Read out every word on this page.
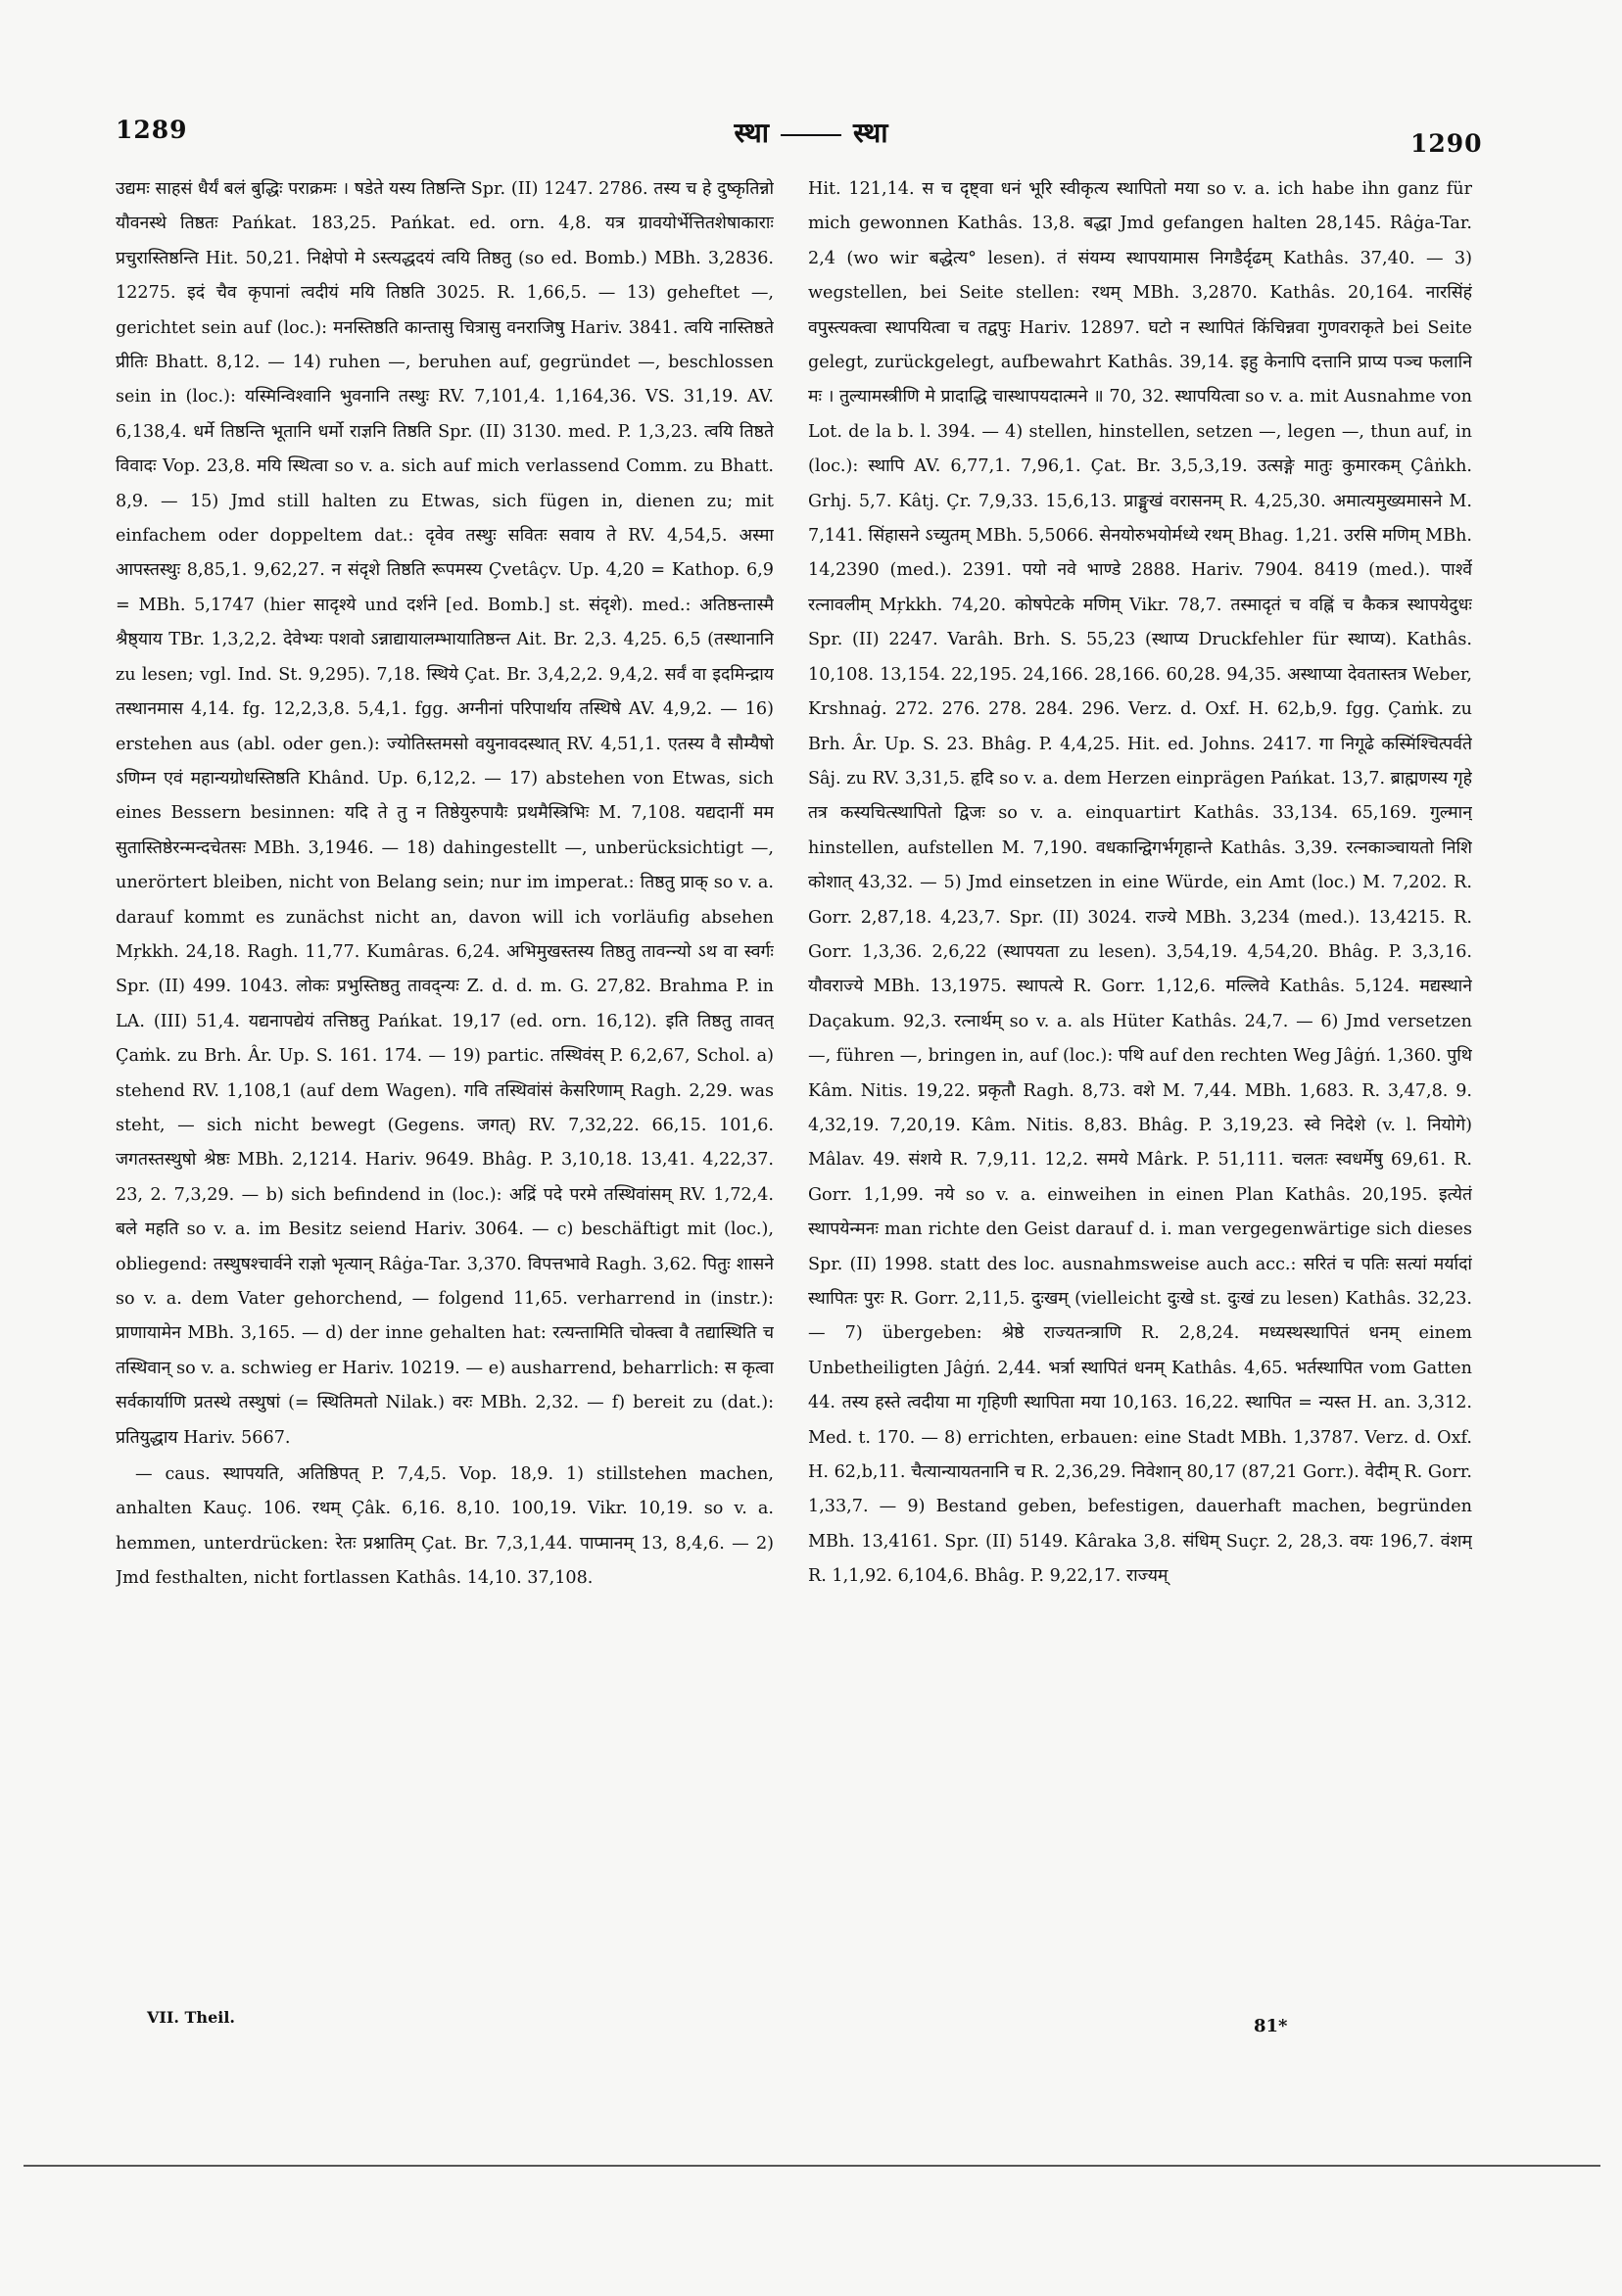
1289	स्था	स्था	1290

उद्यमः साहसं धैर्यं बलं बुद्धिः पराक्रमः । षडेते यस्य तिष्ठन्ति Spr. (II) 1247. 2786. तस्य च हे दुष्कृतिन्नो यौवनस्थे तिष्ठतः Pańkat. 183,25. Pańkat. ed. orn. 4,8. यत्र ग्रावयोर्भेत्तितशेषाकाराः प्रचुरास्तिष्ठन्ति Hit. 50,21. निक्षेपो मे ऽस्त्यद्धदयं त्वयि तिष्ठतु (so ed. Bomb.) MBh. 3,2836. 12275. इदं चैव कृपानां त्वदीयं मयि तिष्ठति 3025. R. 1,66,5. — 13) geheftet —, gerichtet sein auf (loc.): मनस्तिष्ठति कान्तासु चित्रासु वनराजिषु Hariv. 3841. त्वयि नास्तिष्ठते प्रीतिः Bhatt. 8,12. — 14) ruhen —, beruhen auf, gegründet —, beschlossen sein in (loc.): यस्मिन्विश्वानि भुवनानि तस्थुः RV. 7,101,4. 1,164,36. VS. 31,19. AV. 6,138,4. धर्मे तिष्ठन्ति भूतानि धर्मो राज्ञनि तिष्ठति Spr. (II) 3130. med. P. 1,3,23. त्वयि तिष्ठते विवादः Vop. 23,8. मयि स्थित्वा so v. a. sich auf mich verlassend Comm. zu Bhatt. 8,9. — 15) Jmd still halten zu Etwas, sich fügen in, dienen zu; mit einfachem oder doppeltem dat.: दृवेव तस्थुः सवितः सवाय ते RV. 4,54,5. अस्मा आपस्तस्थुः 8,85,1. 9,62,27. न संदृशे तिष्ठति रूपमस्य Çvetâçv. Up. 4,20 = Kathop. 6,9 = MBh. 5,1747 (hier सादृश्ये und दर्शने [ed. Bomb.] st. संदृशे). med.: अतिष्ठन्तास्मै श्रैष्ठ्याय TBr. 1,3,2,2. देवेभ्यः पशवो ऽन्नाद्यायालम्भायातिष्ठन्त Ait. Br. 2,3. 4,25. 6,5 (तस्थानानि zu lesen; vgl. Ind. St. 9,295). 7,18. स्थिये Çat. Br. 3,4,2,2. 9,4,2. सर्वं वा इदमिन्द्राय तस्थानमास 4,14. fg. 12,2,3,8. 5,4,1. fgg. अग्नीनां परिपार्थाय तस्थिषे AV. 4,9,2. — 16) erstehen aus (abl. oder gen.): ज्योतिस्तमसो वयुनावदस्थात् RV. 4,51,1. एतस्य वै सौम्यैषो ऽणिम्न एवं महान्यग्रोधस्तिष्ठति Khând. Up. 6,12,2. — 17) abstehen von Etwas, sich eines Bessern besinnen: यदि ते तु न तिष्ठेयुरुपायैः प्रथमैस्त्रिभिः M. 7,108. यद्यदानीं मम सुतास्तिष्ठेरन्मन्दचेतसः MBh. 3,1946. — 18) dahingestellt —, unberücksichtigt —, unerörtert bleiben, nicht von Belang sein; nur im imperat.: तिष्ठतु प्राक् so v. a. darauf kommt es zunächst nicht an, davon will ich vorläufig absehen Mŗkkh. 24,18. Ragh. 11,77. Kumâras. 6,24. अभिमुखस्तस्य तिष्ठतु तावन्न्यो ऽथ वा स्वर्गः Spr. (II) 499. 1043. लोकः प्रभुस्तिष्ठतु तावद्न्यः Z. d. d. m. G. 27,82. Brahma P. in LA. (III) 51,4. यद्यनापद्येयं तत्तिष्ठतु Pańkat. 19,17 (ed. orn. 16,12). इति तिष्ठतु तावत् Çaṁk. zu Brh. Âr. Up. S. 161. 174. — 19) partic. तस्थिवंस् P. 6,2,67, Schol. a) stehend RV. 1,108,1 (auf dem Wagen). गवि तस्थिवांसं केसरिणाम् Ragh. 2,29. was steht, — sich nicht bewegt (Gegens. जगत्) RV. 7,32,22. 66,15. 101,6. जगतस्तस्थुषो श्रेष्ठः MBh. 2,1214. Hariv. 9649. Bhâg. P. 3,10,18. 13,41. 4,22,37. 23, 2. 7,3,29. — b) sich befindend in (loc.): अद्रिं पदे परमे तस्थिवांसम् RV. 1,72,4. बले महति so v. a. im Besitz seiend Hariv. 3064. — c) beschäftigt mit (loc.), obliegend: तस्थुषश्चार्वने राज्ञो भृत्यान् Râġa-Tar. 3,370. विपत्तभावे Ragh. 3,62. पितुः शासने so v. a. dem Vater gehorchend, — folgend 11,65. verharrend in (instr.): प्राणायामेन MBh. 3,165. — d) der inne gehalten hat: रत्यन्तामिति चोक्त्वा वै तद्यास्थिति च तस्थिवान् so v. a. schwieg er Hariv. 10219. — e) ausharrend, beharrlich: स कृत्वा सर्वकार्याणि प्रतस्थे तस्थुषां (= स्थितिमतो Nilak.) वरः MBh. 2,32. — f) bereit zu (dat.): प्रतियुद्धाय Hariv. 5667.

— caus. स्थापयति, अतिष्ठिपत् P. 7,4,5. Vop. 18,9. 1) stillstehen machen, anhalten Kauç. 106. रथम् Çâk. 6,16. 8,10. 100,19. Vikr. 10,19. so v. a. hemmen, unterdrücken: रेतः प्रश्नातिम् Çat. Br. 7,3,1,44. पाप्मानम् 13, 8,4,6. — 2) Jmd festhalten, nicht fortlassen Kathâs. 14,10. 37,108.

Hit. 121,14. स च दृष्ट्वा धनं भूरि स्वीकृत्य स्थापितो मया so v. a. ich habe ihn ganz für mich gewonnen Kathâs. 13,8. बद्धा Jmd gefangen halten 28,145. Râġa-Tar. 2,4 (wo wir बद्धेत्य° lesen). तं संयम्य स्थापयामास निगडैर्दृढम् Kathâs. 37,40. — 3) wegstellen, bei Seite stellen: रथम् MBh. 3,2870. Kathâs. 20,164. नारसिंहं वपुस्त्यक्त्वा स्थापयित्वा च तद्वपुः Hariv. 12897. घटो न स्थापितं किंचिन्नवा गुणवराकृते bei Seite gelegt, zurückgelegt, aufbewahrt Kathâs. 39,14. इहु केनापि दत्तानि प्राप्य पञ्च फलानि मः । तुल्यामस्त्रीणि मे प्रादाद्धि चास्थापयदात्मने ॥ 70, 32. स्थापयित्वा so v. a. mit Ausnahme von Lot. de la b. l. 394. — 4) stellen, hinstellen, setzen —, legen —, thun auf, in (loc.): स्थापि AV. 6,77,1. 7,96,1. Çat. Br. 3,5,3,19. उत्सङ्गे मातुः कुमारकम् Çâṅkh. Grhj. 5,7. Kâtj. Çr. 7,9,33. 15,6,13. प्राङ्मुखं वरासनम् R. 4,25,30. अमात्यमुख्यमासने M. 7,141. सिंहासने ऽच्युतम् MBh. 5,5066. सेनयोरुभयोर्मध्ये रथम् Bhag. 1,21. उरसि मणिम् MBh. 14,2390 (med.). 2391. पयो नवे भाण्डे 2888. Hariv. 7904. 8419 (med.). पार्श्वे रत्नावलीम् Mŗkkh. 74,20. कोषपेटके मणिम् Vikr. 78,7. तस्मादृतं च वह्निं च कैकत्र स्थापयेदुधः Spr. (II) 2247. Varâh. Brh. S. 55,23 (स्थाप्य Druckfehler für स्थाप्य). Kathâs. 10,108. 13,154. 22,195. 24,166. 28,166. 60,28. 94,35. अस्थाप्या देवतास्तत्र Weber, Krshnaġ. 272. 276. 278. 284. 296. Verz. d. Oxf. H. 62,b,9. fgg. Çaṁk. zu Brh. Âr. Up. S. 23. Bhâg. P. 4,4,25. Hit. ed. Johns. 2417. गा निगूढे कस्मिंश्चित्पर्वते Sâj. zu RV. 3,31,5. हृदि so v. a. dem Herzen einprägen Pańkat. 13,7. ब्राह्मणस्य गृहे तत्र कस्यचित्स्थापितो द्विजः so v. a. einquartirt Kathâs. 33,134. 65,169. गुल्मान् hinstellen, aufstellen M. 7,190. वधकान्द्विगर्भगृहान्ते Kathâs. 3,39. रत्नकाञ्चायतो निशि कोशात् 43,32. — 5) Jmd einsetzen in eine Würde, ein Amt (loc.) M. 7,202. R. Gorr. 2,87,18. 4,23,7. Spr. (II) 3024. राज्ये MBh. 3,234 (med.). 13,4215. R. Gorr. 1,3,36. 2,6,22 (स्थापयता zu lesen). 3,54,19. 4,54,20. Bhâg. P. 3,3,16. यौवराज्ये MBh. 13,1975. स्थापत्ये R. Gorr. 1,12,6. मल्लिवे Kathâs. 5,124. मद्यस्थाने Daçakum. 92,3. रत्नार्थम् so v. a. als Hüter Kathâs. 24,7. — 6) Jmd versetzen —, führen —, bringen in, auf (loc.): पथि auf den rechten Weg Jâġń. 1,360. पुथि Kâm. Nitis. 19,22. प्रकृतौ Ragh. 8,73. वशे M. 7,44. MBh. 1,683. R. 3,47,8. 9. 4,32,19. 7,20,19. Kâm. Nitis. 8,83. Bhâg. P. 3,19,23. स्वे निदेशे (v. l. नियोगे) Mâlav. 49. संशये R. 7,9,11. 12,2. समये Mârk. P. 51,111. चलतः स्वधर्मेषु 69,61. R. Gorr. 1,1,99. नये so v. a. einweihen in einen Plan Kathâs. 20,195. इत्येतं स्थापयेन्मनः man richte den Geist darauf d. i. man vergegenwärtige sich dieses Spr. (II) 1998. statt des loc. ausnahmsweise auch acc.: सरितं च पतिः सत्यां मर्यादां स्थापितः पुरः R. Gorr. 2,11,5. दुःखम् (vielleicht दुःखे st. दुःखं zu lesen) Kathâs. 32,23. — 7) übergeben: श्रेष्ठे राज्यतन्त्राणि R. 2,8,24. मध्यस्थस्थापितं धनम् einem Unbetheiligten Jâġń. 2,44. भर्त्रा स्थापितं धनम् Kathâs. 4,65. भर्तस्थापित vom Gatten 44. तस्य हस्ते त्वदीया मा गृहिणी स्थापिता मया 10,163. 16,22. स्थापित = न्यस्त H. an. 3,312. Med. t. 170. — 8) errichten, erbauen: eine Stadt MBh. 1,3787. Verz. d. Oxf. H. 62,b,11. चैत्यान्यायतनानि च R. 2,36,29. निवेशान् 80,17 (87,21 Gorr.). वेदीम् R. Gorr. 1,33,7. — 9) Bestand geben, befestigen, dauerhaft machen, begründen MBh. 13,4161. Spr. (II) 5149. Kâraka 3,8. संधिम् Suçr. 2, 28,3. वयः 196,7. वंशम् R. 1,1,92. 6,104,6. Bhâg. P. 9,22,17. राज्यम्

VII. Theil.	81*
